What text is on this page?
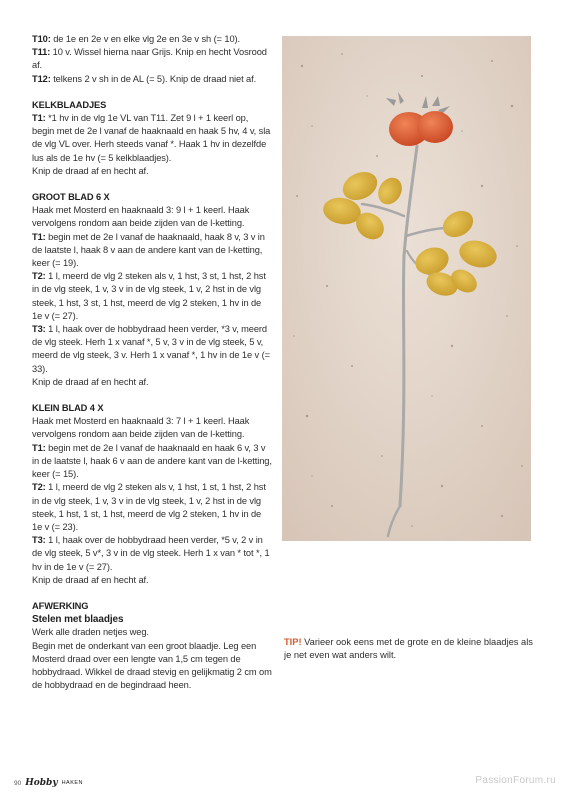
T10: de 1e en 2e v en elke vlg 2e en 3e v sh (= 10).

T11: 10 v. Wissel hierna naar Grijs. Knip en hecht Vosrood af.

T12: telkens 2 v sh in de AL (= 5). Knip de draad niet af.

KELKBLAADJES

T1: *1 hv in de vlg 1e VL van T11. Zet 9 l + 1 keerl op, begin met de 2e l vanaf de haaknaald en haak 5 hv, 4 v, sla de vlg VL over. Herh steeds vanaf *. Haak 1 hv in dezelfde lus als de 1e hv (= 5 kelkblaadjes).

Knip de draad af en hecht af.

GROOT BLAD 6 X

Haak met Mosterd en haaknaald 3: 9 l + 1 keerl. Haak vervolgens rondom aan beide zijden van de l-ketting.

T1: begin met de 2e l vanaf de haaknaald, haak 8 v, 3 v in de laatste l, haak 8 v aan de andere kant van de l-ketting, keer (= 19).

T2: 1 l, meerd de vlg 2 steken als v, 1 hst, 3 st, 1 hst, 2 hst in de vlg steek, 1 v, 3 v in de vlg steek, 1 v, 2 hst in de vlg steek, 1 hst, 3 st, 1 hst, meerd de vlg 2 steken, 1 hv in de 1e v (= 27).

T3: 1 l, haak over de hobbydraad heen verder, *3 v, meerd de vlg steek. Herh 1 x vanaf *, 5 v, 3 v in de vlg steek, 5 v, meerd de vlg steek, 3 v. Herh 1 x vanaf *, 1 hv in de 1e v (= 33).

Knip de draad af en hecht af.

KLEIN BLAD 4 X

Haak met Mosterd en haaknaald 3: 7 l + 1 keerl. Haak vervolgens rondom aan beide zijden van de l-ketting.

T1: begin met de 2e l vanaf de haaknaald en haak 6 v, 3 v in de laatste l, haak 6 v aan de andere kant van de l-ketting, keer (= 15).

T2: 1 l, meerd de vlg 2 steken als v, 1 hst, 1 st, 1 hst, 2 hst in de vlg steek, 1 v, 3 v in de vlg steek, 1 v, 2 hst in de vlg steek, 1 hst, 1 st, 1 hst, meerd de vlg 2 steken, 1 hv in de 1e v (= 23).

T3: 1 l, haak over de hobbydraad heen verder, *5 v, 2 v in de vlg steek, 5 v*, 3 v in de vlg steek. Herh 1 x van * tot *, 1 hv in de 1e v (= 27).

Knip de draad af en hecht af.

AFWERKING

Stelen met blaadjes

Werk alle draden netjes weg.

Begin met de onderkant van een groot blaadje. Leg een Mosterd draad over een lengte van 1,5 cm tegen de hobbydraad. Wikkel de draad stevig en gelijkmatig 2 cm om de hobbydraad en de begindraad heen.

TIP! Varieer ook eens met de grote en de kleine blaadjes als je net even wat anders wilt.
90 Hobby HAKEN	PassionForum.ru
